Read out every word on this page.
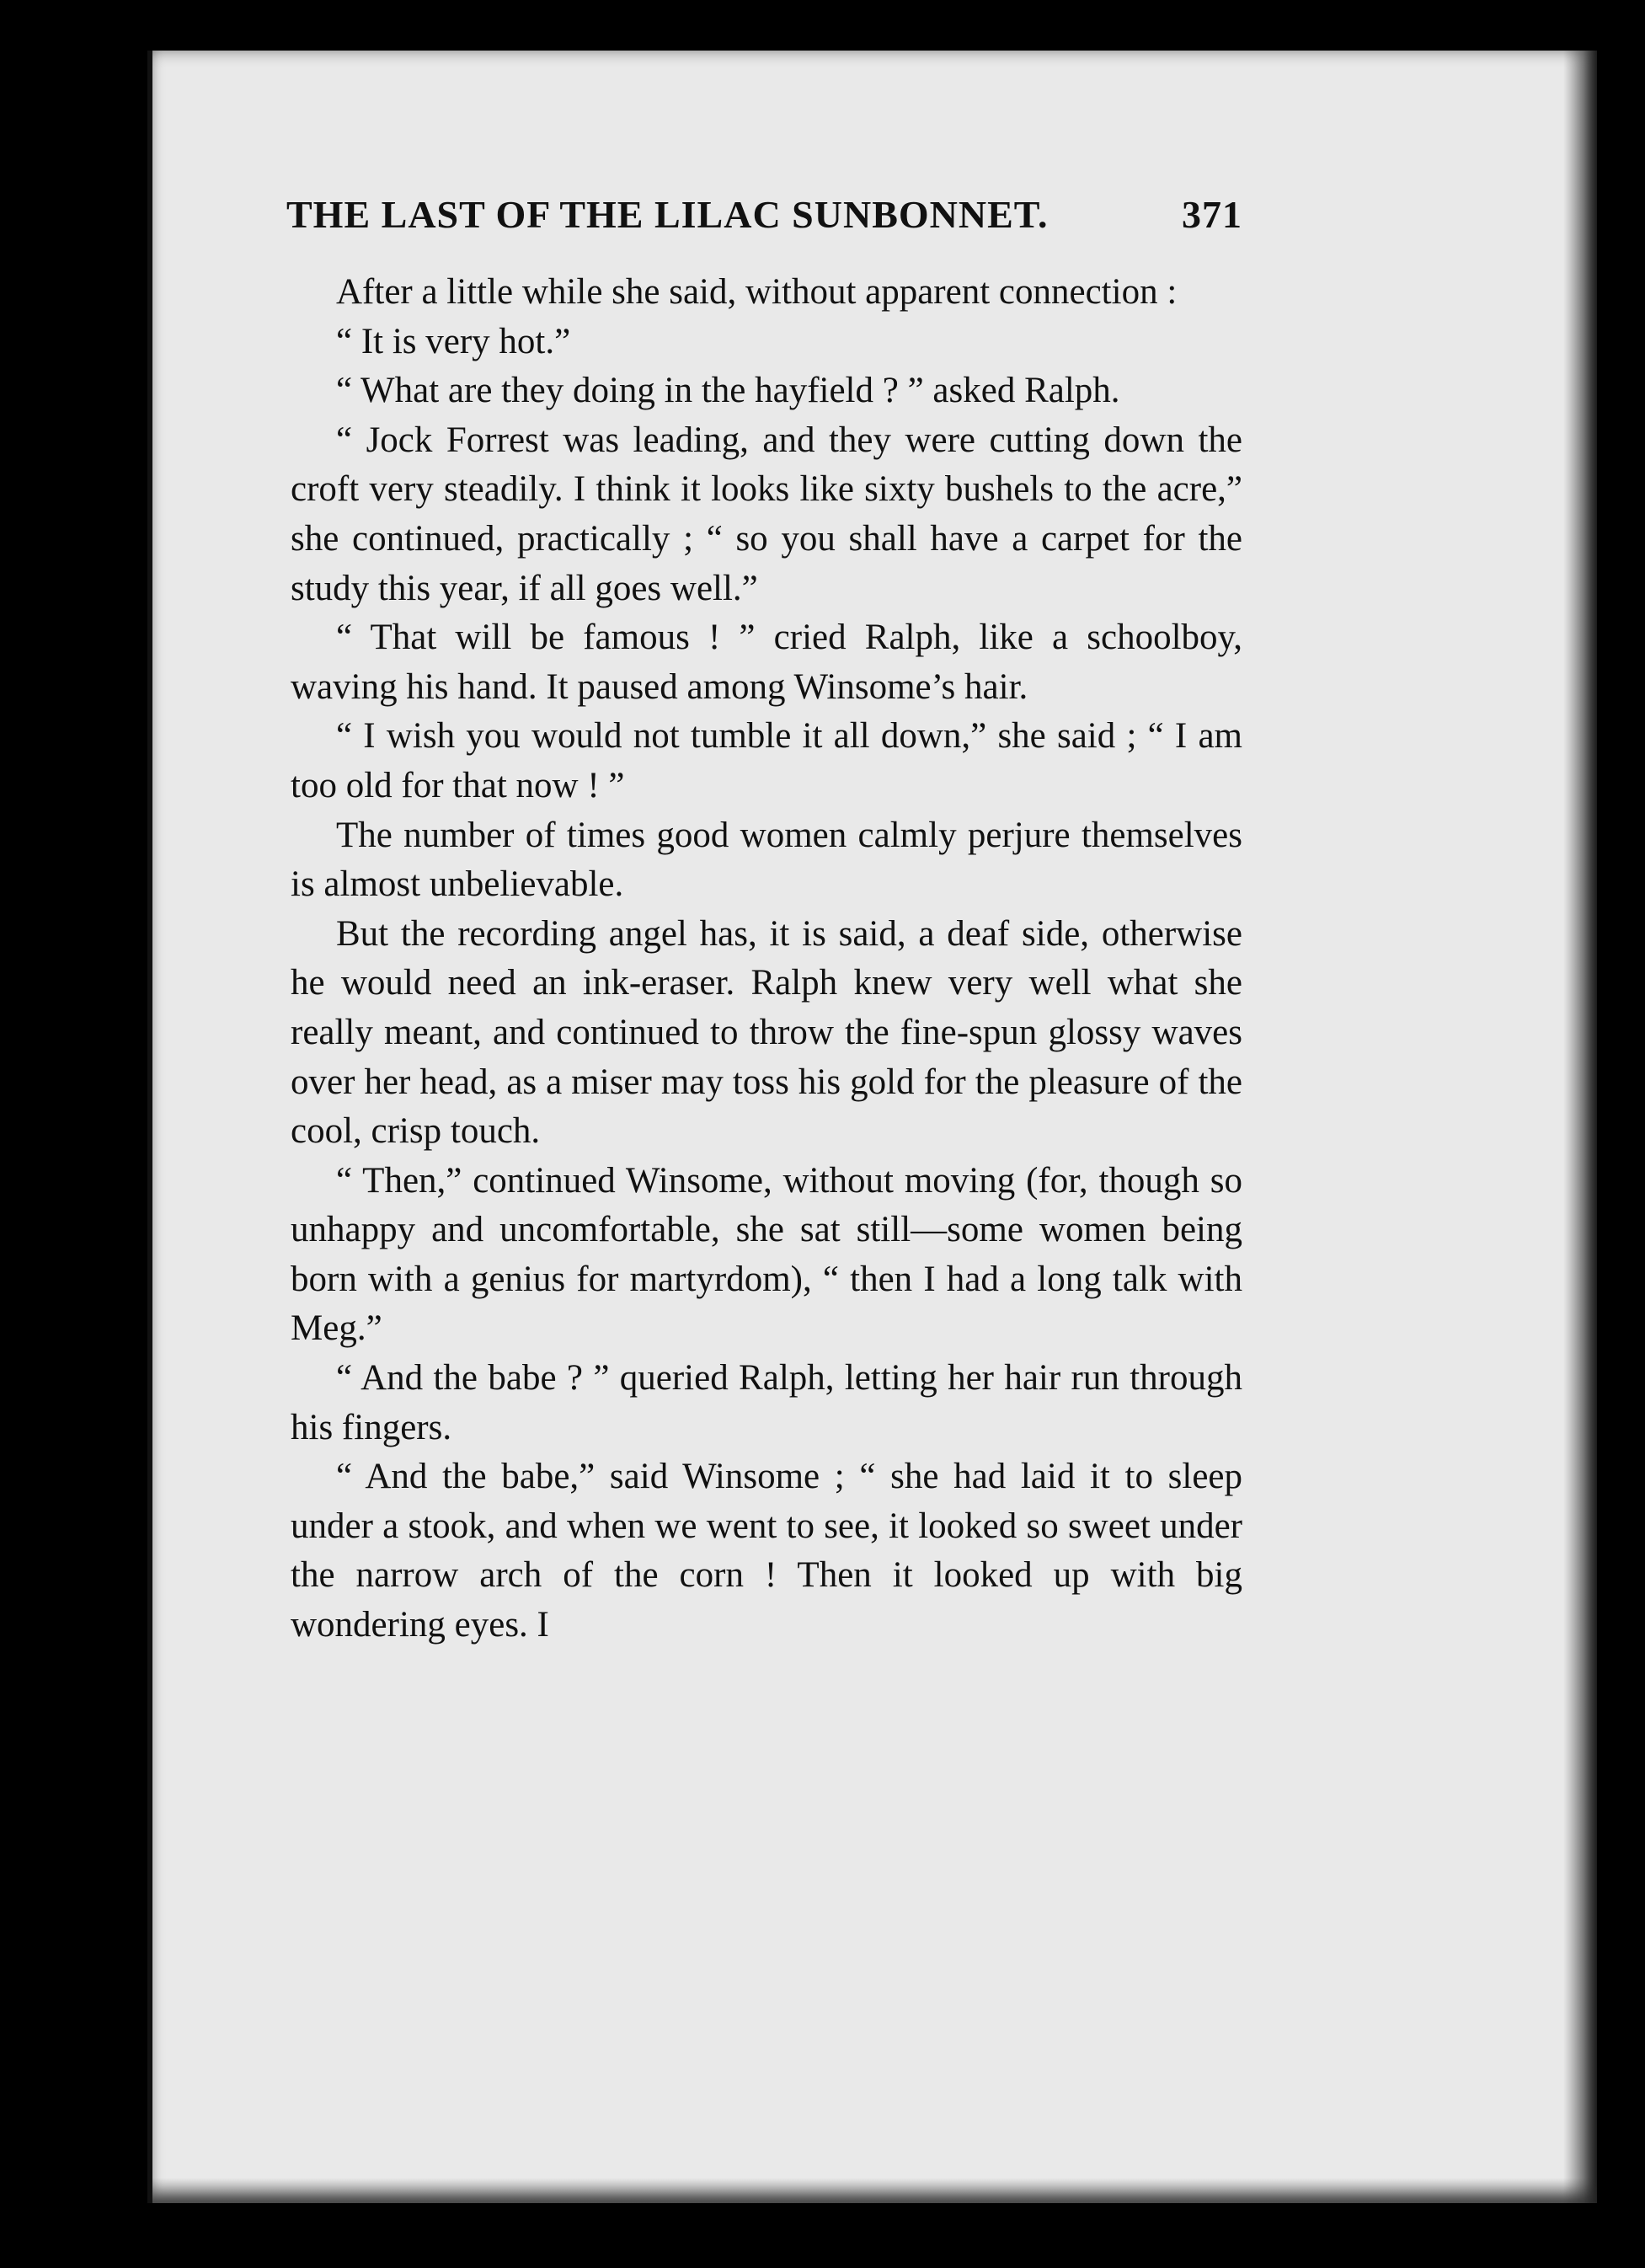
THE LAST OF THE LILAC SUNBONNET.	371

After a little while she said, without apparent connection :

“ It is very hot.”

“ What are they doing in the hayfield ? ” asked Ralph.

“ Jock Forrest was leading, and they were cutting down the croft very steadily. I think it looks like sixty bushels to the acre,” she continued, practically ; “ so you shall have a carpet for the study this year, if all goes well.”

“ That will be famous ! ” cried Ralph, like a schoolboy, waving his hand. It paused among Winsome’s hair.

“ I wish you would not tumble it all down,” she said ; “ I am too old for that now ! ”

The number of times good women calmly perjure themselves is almost unbelievable.

But the recording angel has, it is said, a deaf side, otherwise he would need an ink-eraser. Ralph knew very well what she really meant, and continued to throw the fine-spun glossy waves over her head, as a miser may toss his gold for the pleasure of the cool, crisp touch.

“ Then,” continued Winsome, without moving (for, though so unhappy and uncomfortable, she sat still—some women being born with a genius for martyrdom), “ then I had a long talk with Meg.”

“ And the babe ? ” queried Ralph, letting her hair run through his fingers.

“ And the babe,” said Winsome ; “ she had laid it to sleep under a stook, and when we went to see, it looked so sweet under the narrow arch of the corn ! Then it looked up with big wondering eyes. I
